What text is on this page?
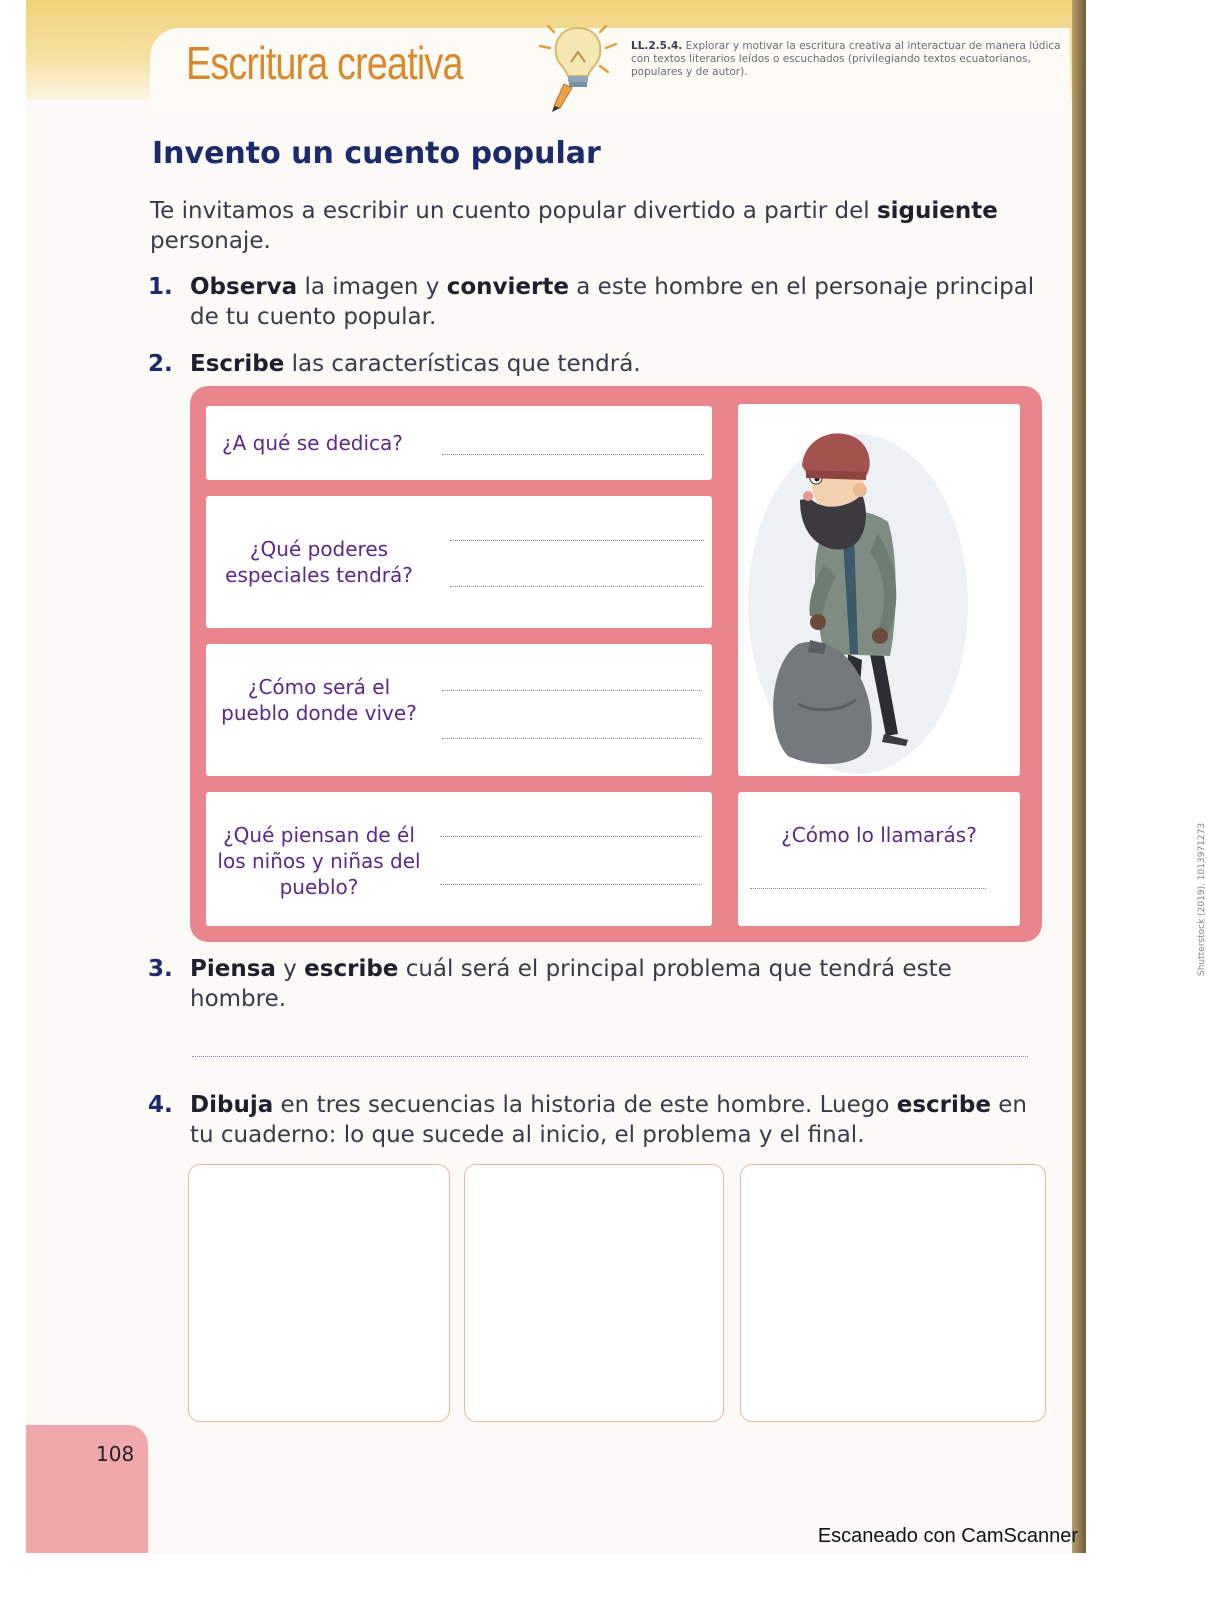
Escritura creativa	LL.2.5.4. Explorar y motivar la escritura creativa al interactuar de manera lúdica con textos literarios leídos o escuchados (privilegiando textos ecuatorianos, populares y de autor).
Invento un cuento popular
Te invitamos a escribir un cuento popular divertido a partir del siguiente personaje.
1. Observa la imagen y convierte a este hombre en el personaje principal de tu cuento popular.
2. Escribe las características que tendrá.
¿A qué se dedica?
¿Qué poderes especiales tendrá?
¿Cómo será el pueblo donde vive?
¿Qué piensan de él los niños y niñas del pueblo?	Shutterstock (2019). 1013971273
¿Cómo lo llamarás?
3. Piensa y escribe cuál será el principal problema que tendrá este hombre.
4. Dibuja en tres secuencias la historia de este hombre. Luego escribe en tu cuaderno: lo que sucede al inicio, el problema y el final.
108
Escaneado con CamScanner
